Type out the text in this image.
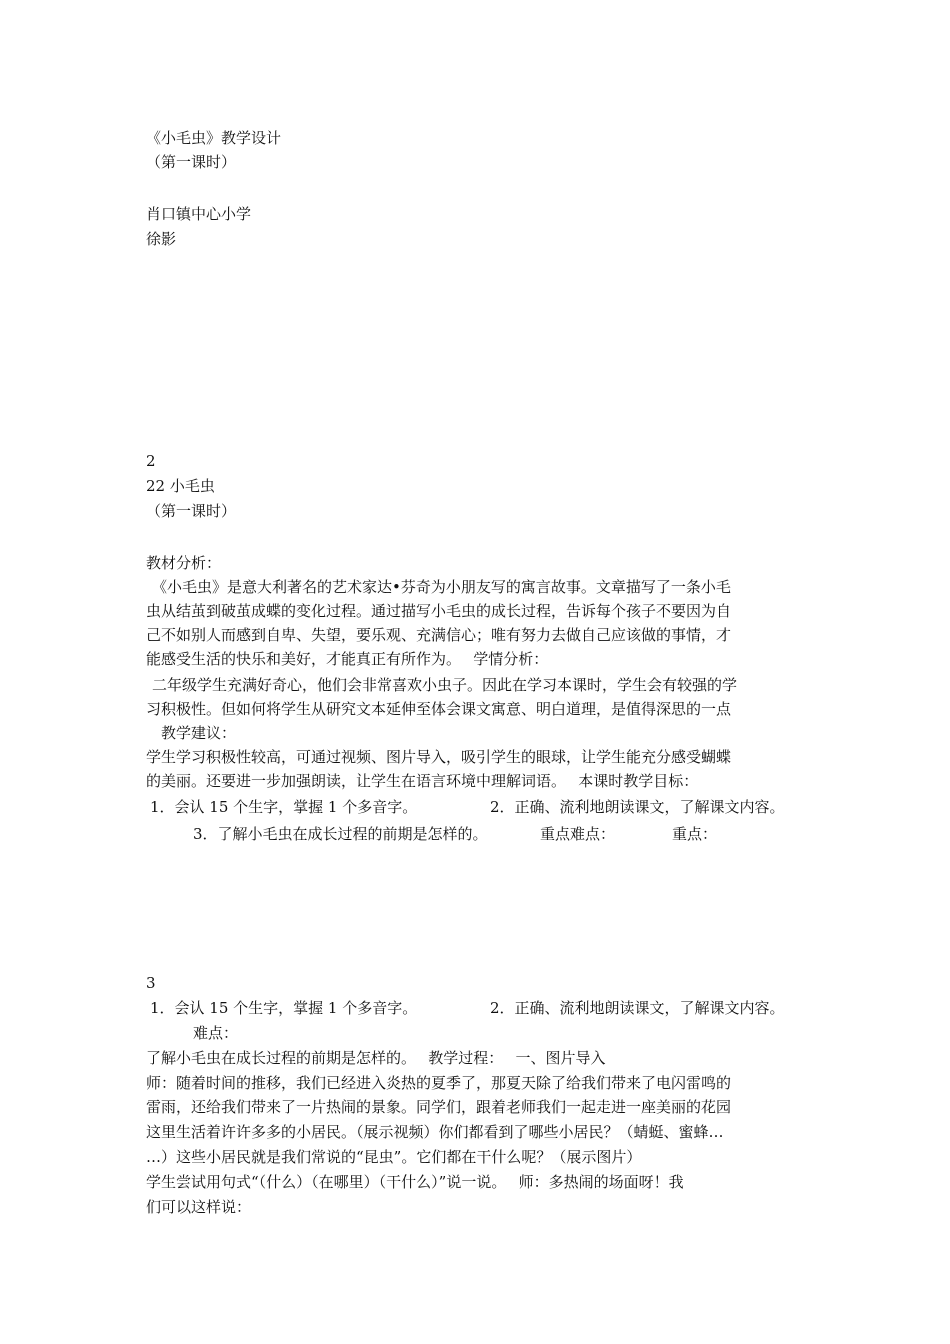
《小毛虫》教学设计
（第一课时）
肖口镇中心小学
徐影
2
22 小毛虫
（第一课时）
教材分析：
《小毛虫》是意大利著名的艺术家达•芬奇为小朋友写的寓言故事。文章描写了一条小毛
虫从结茧到破茧成蝶的变化过程。通过描写小毛虫的成长过程，告诉每个孩子不要因为自
己不如别人而感到自卑、失望，要乐观、充满信心；唯有努力去做自己应该做的事情，才
能感受生活的快乐和美好，才能真正有所作为。　 学情分析：
二年级学生充满好奇心，他们会非常喜欢小虫子。因此在学习本课时，学生会有较强的学
习积极性。但如何将学生从研究文本延伸至体会课文寓意、明白道理，是值得深思的一点
　教学建议：
学生学习积极性较高，可通过视频、图片导入，吸引学生的眼球，让学生能充分感受蝴蝶
的美丽。还要进一步加强朗读，让学生在语言环境中理解词语。　 本课时教学目标：
1．会认 15 个生字，掌握 1 个多音字。	2．正确、流利地朗读课文，了解课文内容。
3．了解小毛虫在成长过程的前期是怎样的。	重点难点：	重点：
3
1．会认 15 个生字，掌握 1 个多音字。	2．正确、流利地朗读课文，了解课文内容。
难点：
了解小毛虫在成长过程的前期是怎样的。　 教学过程：　 一、图片导入
师：随着时间的推移，我们已经进入炎热的夏季了，那夏天除了给我们带来了电闪雷鸣的
雷雨，还给我们带来了一片热闹的景象。同学们，跟着老师我们一起走进一座美丽的花园
这里生活着许许多多的小居民。（展示视频）你们都看到了哪些小居民？（蜻蜓、蜜蜂…
…）这些小居民就是我们常说的“昆虫”。它们都在干什么呢？（展示图片）
学生尝试用句式“（什么）（在哪里）（干什么）”说一说。　 师：多热闹的场面呀！我
们可以这样说：
